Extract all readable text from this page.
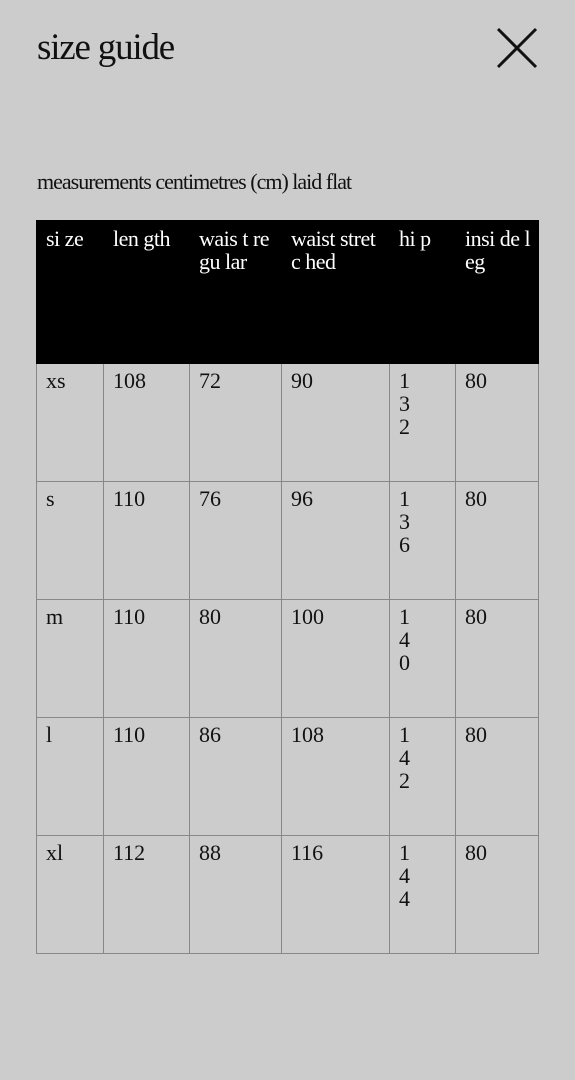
size guide
measurements centimetres (cm) laid flat
si ze	len gth	wais t regu lar	waist stretc hed	hi p	insi de leg
xs	108	72	90	132	80
s	110	76	96	136	80
m	110	80	100	140	80
l	110	86	108	142	80
xl	112	88	116	144	80
